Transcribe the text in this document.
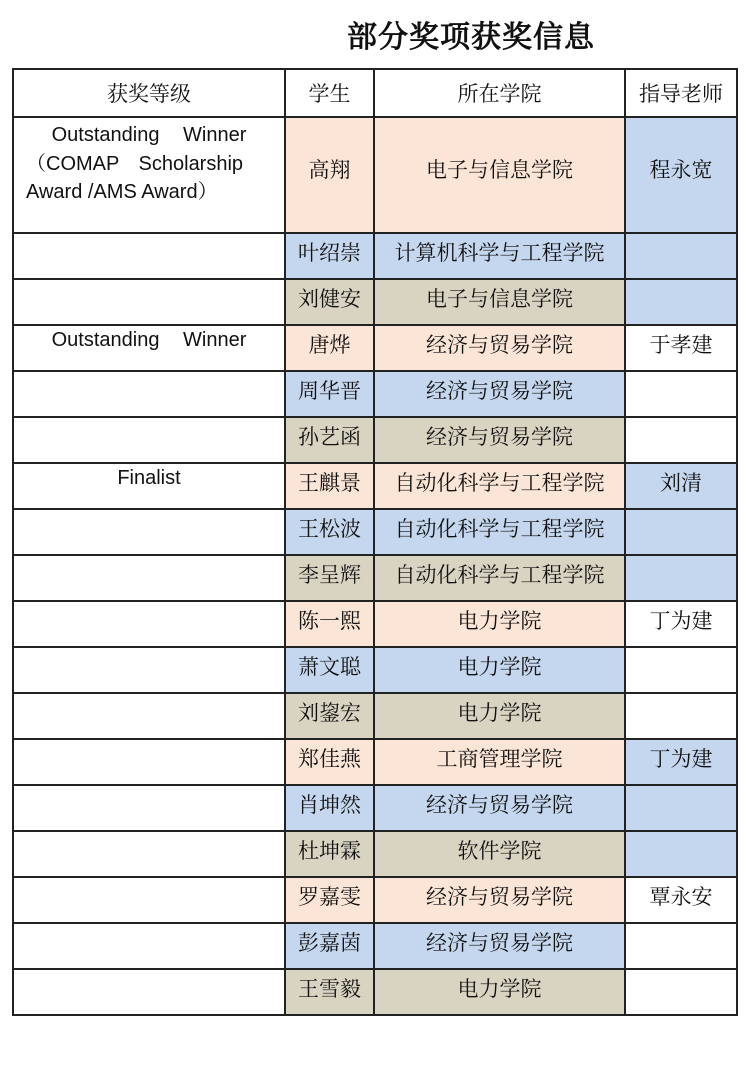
部分奖项获奖信息
获奖等级	学生	所在学院	指导老师

Outstanding Winner
（COMAP Scholarship
Award /AMS Award）	高翔	电子与信息学院	程永宽
	叶绍崇	计算机科学与工程学院	
	刘健安	电子与信息学院	

Outstanding Winner	唐烨	经济与贸易学院	于孝建
	周华晋	经济与贸易学院	
	孙艺函	经济与贸易学院	
Finalist	王麒景	自动化科学与工程学院	刘清
	王松波	自动化科学与工程学院	
	李呈辉	自动化科学与工程学院	
	陈一熙	电力学院	丁为建
	萧文聪	电力学院	
	刘鋆宏	电力学院	
	郑佳燕	工商管理学院	丁为建
	肖坤然	经济与贸易学院	
	杜坤霖	软件学院	
	罗嘉雯	经济与贸易学院	覃永安
	彭嘉茵	经济与贸易学院	
	王雪毅	电力学院	
